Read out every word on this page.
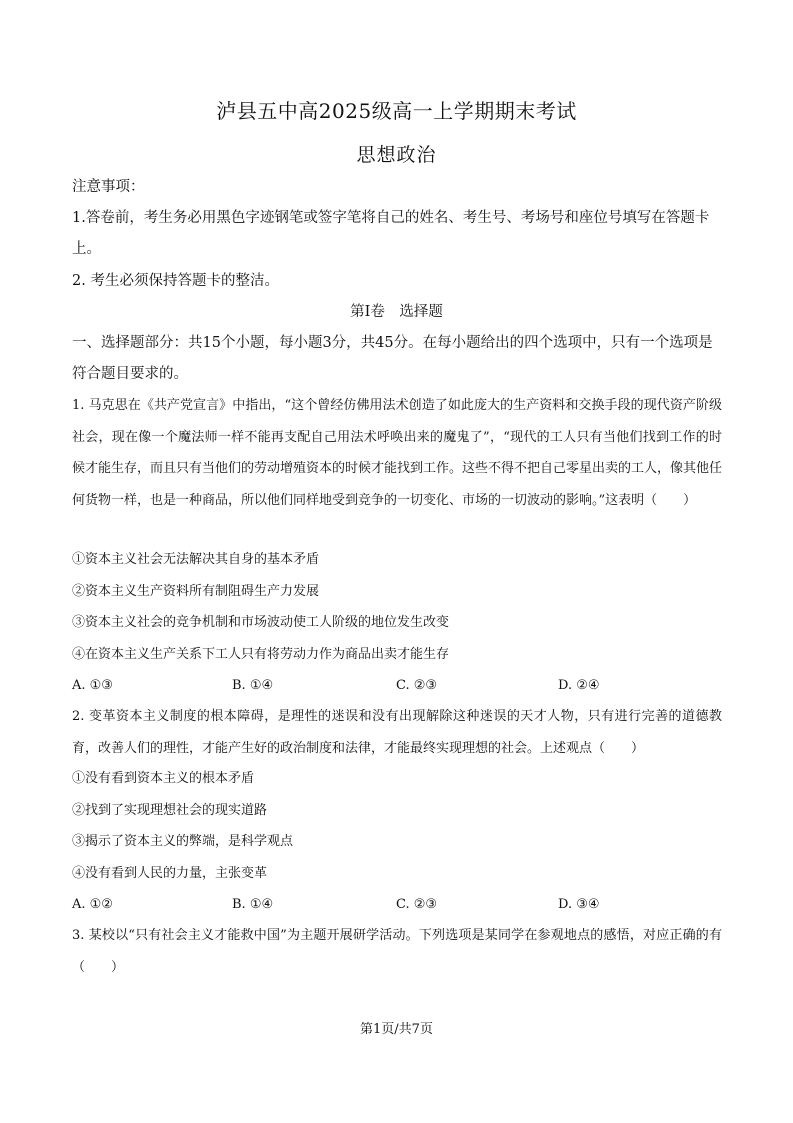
泸县五中高2025级高一上学期期末考试
思想政治
注意事项：
1.答卷前，考生务必用黑色字迹钢笔或签字笔将自己的姓名、考生号、考场号和座位号填写在答题卡上。
2. 考生必须保持答题卡的整洁。
第Ⅰ卷　选择题
一、选择题部分：共15个小题，每小题3分，共45分。在每小题给出的四个选项中，只有一个选项是符合题目要求的。
1. 马克思在《共产党宣言》中指出，“这个曾经仿佛用法术创造了如此庞大的生产资料和交换手段的现代资产阶级社会，现在像一个魔法师一样不能再支配自己用法术呼唤出来的魔鬼了”，“现代的工人只有当他们找到工作的时候才能生存，而且只有当他们的劳动增殖资本的时候才能找到工作。这些不得不把自己零星出卖的工人，像其他任何货物一样，也是一种商品，所以他们同样地受到竞争的一切变化、市场的一切波动的影响。”这表明（　　）
①资本主义社会无法解决其自身的基本矛盾
②资本主义生产资料所有制阻碍生产力发展
③资本主义社会的竞争机制和市场波动使工人阶级的地位发生改变
④在资本主义生产关系下工人只有将劳动力作为商品出卖才能生存
A. ①③	B. ①④	C. ②③	D. ②④
2. 变革资本主义制度的根本障碍，是理性的迷误和没有出现解除这种迷误的天才人物，只有进行完善的道德教育，改善人们的理性，才能产生好的政治制度和法律，才能最终实现理想的社会。上述观点（　　）
①没有看到资本主义的根本矛盾
②找到了实现理想社会的现实道路
③揭示了资本主义的弊端，是科学观点
④没有看到人民的力量，主张变革
A. ①②	B. ①④	C. ②③	D. ③④
3. 某校以“只有社会主义才能救中国”为主题开展研学活动。下列选项是某同学在参观地点的感悟，对应正确的有（　　）
第1页/共7页
